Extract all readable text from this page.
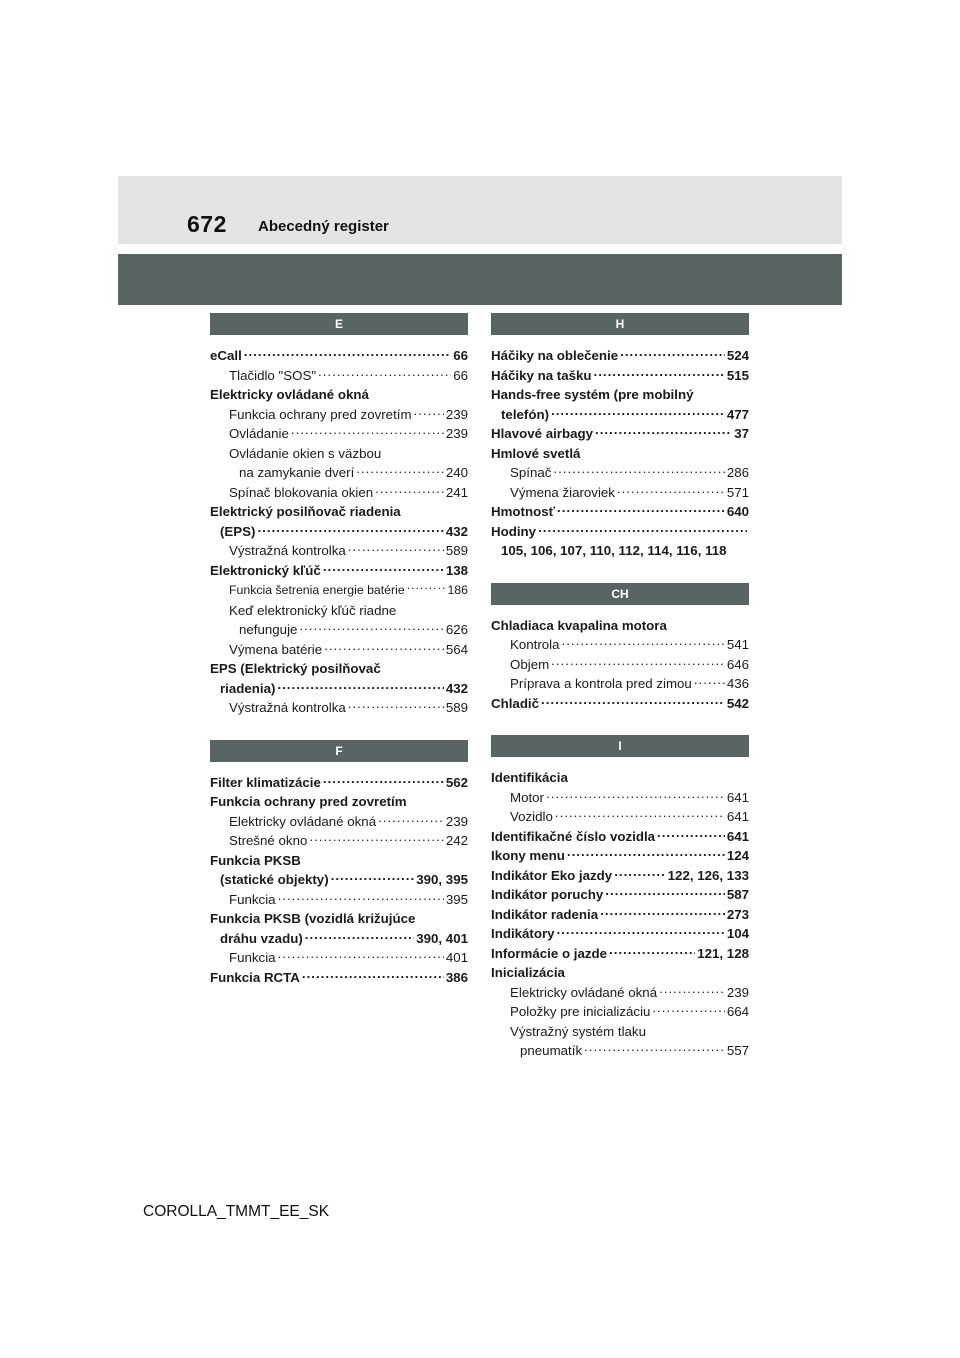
672 Abecedný register
E
eCall .....	66
Tlačidlo "SOS" .....	66
Elektricky ovládané okná
Funkcia ochrany pred zovretím .....	239
Ovládanie .....	239
Ovládanie okien s väzbou
na zamykanie dverí .....	240
Spínač blokovania okien .....	241
Elektrický posilňovač riadenia
(EPS) .....	432
Výstražná kontrolka .....	589
Elektronický kľúč .....	138
Funkcia šetrenia energie batérie .....	186
Keď elektronický kľúč riadne
nefunguje .....	626
Výmena batérie .....	564
EPS (Elektrický posilňovač
riadenia) .....	432
Výstražná kontrolka .....	589
F
Filter klimatizácie .....	562
Funkcia ochrany pred zovretím
Elektricky ovládané okná .....	239
Strešné okno .....	242
Funkcia PKSB
(statické objekty) .....	390, 395
Funkcia .....	395
Funkcia PKSB (vozidlá križujúce
dráhu vzadu) .....	390, 401
Funkcia .....	401
Funkcia RCTA .....	386
H
Háčiky na oblečenie .....	524
Háčiky na tašku .....	515
Hands-free systém (pre mobilný
telefón) .....	477
Hlavové airbagy .....	37
Hmlové svetlá
Spínač .....	286
Výmena žiaroviek .....	571
Hmotnosť .....	640
Hodiny
.....
105, 106, 107, 110, 112, 114, 116, 118
CH
Chladiaca kvapalina motora
Kontrola .....	541
Objem .....	646
Príprava a kontrola pred zimou .....	436
Chladič .....	542
I
Identifikácia
Motor .....	641
Vozidlo .....	641
Identifikačné číslo vozidla .....	641
Ikony menu .....	124
Indikátor Eko jazdy .....	122, 126, 133
Indikátor poruchy .....	587
Indikátor radenia .....	273
Indikátory .....	104
Informácie o jazde .....	121, 128
Inicializácia
Elektricky ovládané okná .....	239
Položky pre inicializáciu .....	664
Výstražný systém tlaku
pneumatík .....	557
COROLLA_TMMT_EE_SK
